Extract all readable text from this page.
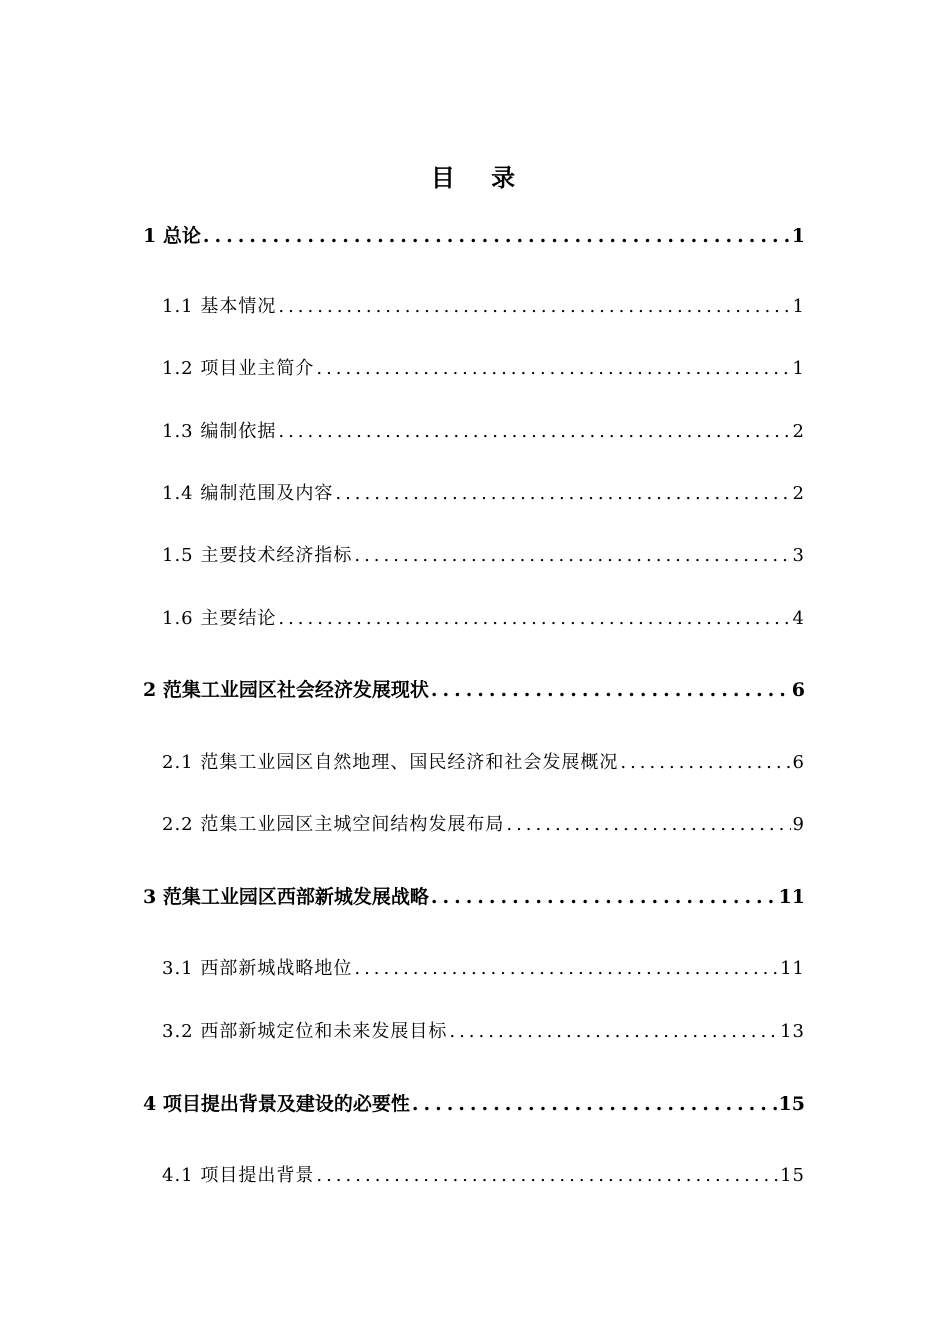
目 录
1 总论 .....	1
1.1 基本情况 .....	1
1.2 项目业主简介 .....	1
1.3 编制依据 .....	2
1.4 编制范围及内容 .....	2
1.5 主要技术经济指标 .....	3
1.6 主要结论 .....	4
2 范集工业园区社会经济发展现状 .....	6
2.1 范集工业园区自然地理、国民经济和社会发展概况 .....	6
2.2 范集工业园区主城空间结构发展布局 .....	9
3 范集工业园区西部新城发展战略 .....	11
3.1 西部新城战略地位 .....	11
3.2 西部新城定位和未来发展目标 .....	13
4 项目提出背景及建设的必要性 .....	15
4.1 项目提出背景 .....	15
